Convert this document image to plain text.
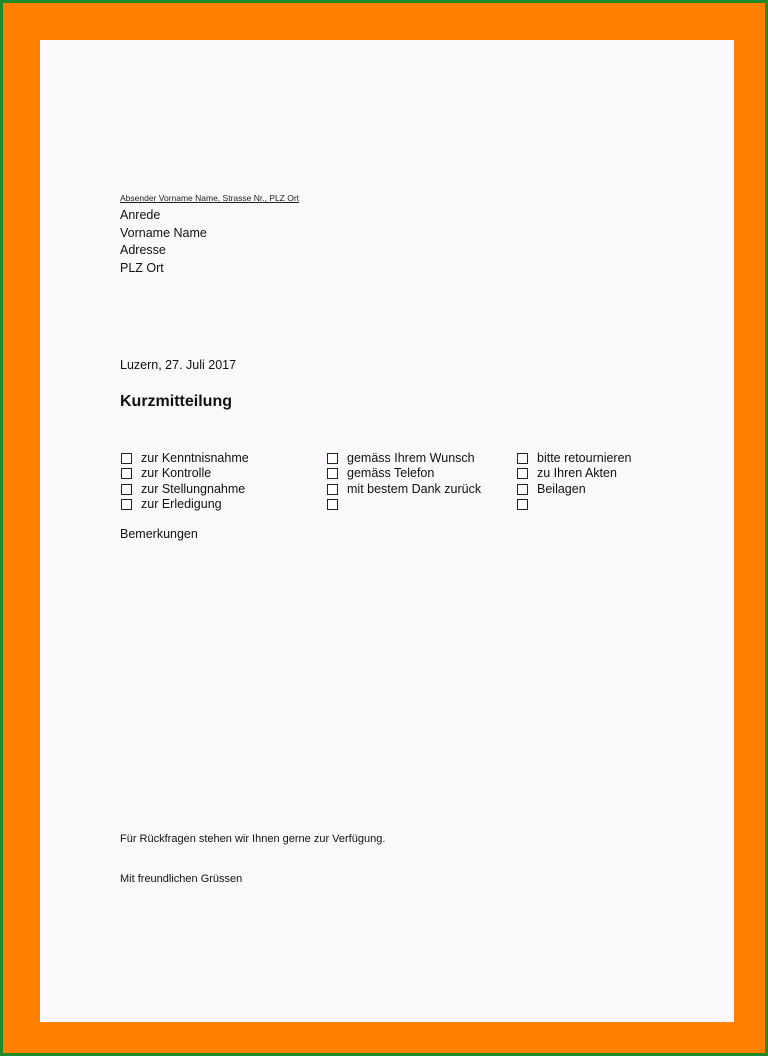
Absender Vorname Name, Strasse Nr., PLZ Ort
Anrede
Vorname Name
Adresse
PLZ Ort
Luzern, 27. Juli 2017
Kurzmitteilung
zur Kenntnisnahme
zur Kontrolle
zur Stellungnahme
zur Erledigung
gemäss Ihrem Wunsch
gemäss Telefon
mit bestem Dank zurück
bitte retournieren
zu Ihren Akten
Beilagen
Bemerkungen
Für Rückfragen stehen wir Ihnen gerne zur Verfügung.
Mit freundlichen Grüssen
